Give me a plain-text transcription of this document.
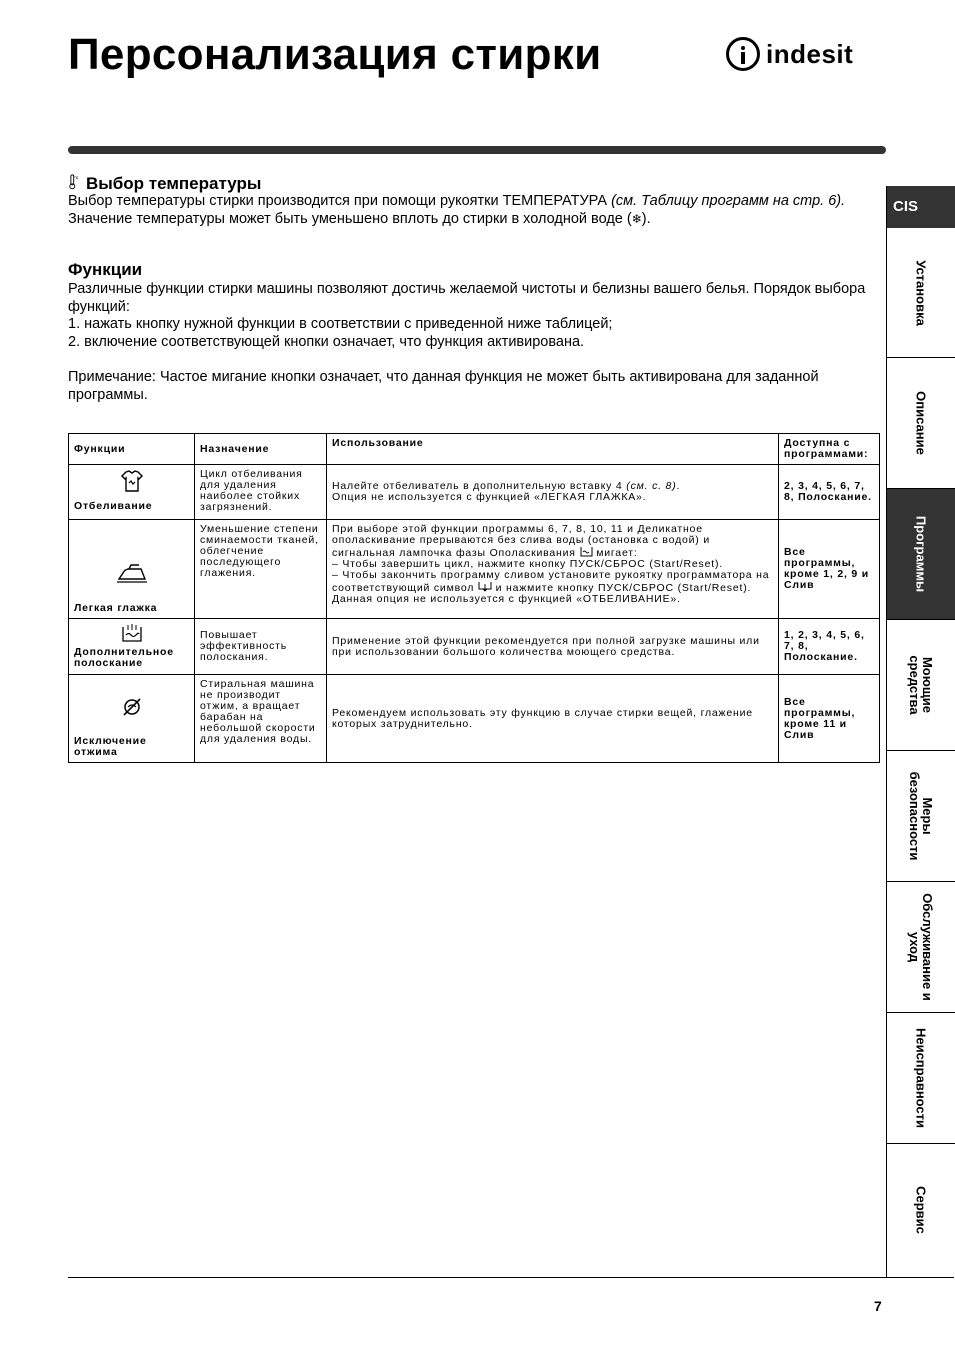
Персонализация стирки	indesit
°C Выбор температуры

Выбор температуры стирки производится при помощи рукоятки ТЕМПЕРАТУРА (см. Таблицу программ на стр. 6).
Значение температуры может быть уменьшено вплоть до стирки в холодной воде (❄).

Функции

Различные функции стирки машины позволяют достичь желаемой чистоты и белизны вашего белья. Порядок выбора функций:

1. нажать кнопку нужной функции в соответствии с приведенной ниже таблицей;

2. включение соответствующей кнопки означает, что функция активирована.

Примечание: Частое мигание кнопки означает, что данная функция не может быть активирована для заданной программы.

Функции	Назначение	Использование	Доступна с программами:

Отбеливание	Цикл отбеливания для удаления наиболее стойких загрязнений.	Налейте отбеливатель в дополнительную вставку 4 (см. с. 8).
Опция не используется с функцией «ЛЕГКАЯ ГЛАЖКА».	2, 3, 4, 5, 6, 7, 8, Полоскание.

Легкая глажка	Уменьшение степени сминаемости тканей, облегчение последующего глажения.	При выборе этой функции программы 6, 7, 8, 10, 11 и Деликатное ополаскивание прерываются без слива воды (остановка с водой) и сигнальная лампочка фазы Ополаскивания мигает:
– Чтобы завершить цикл, нажмите кнопку ПУСК/СБРОС (Start/Reset).
– Чтобы закончить программу сливом установите рукоятку программатора на соответствующий символ и нажмите кнопку ПУСК/СБРОС (Start/Reset).
Данная опция не используется с функцией «ОТБЕЛИВАНИЕ».	Все программы, кроме 1, 2, 9 и Слив

Дополнительное полоскание	Повышает эффективность полоскания.	Применение этой функции рекомендуется при полной загрузке машины или при использовании большого количества моющего средства.	1, 2, 3, 4, 5, 6, 7, 8, Полоскание.

Исключение отжима	Стиральная машина не производит отжим, а вращает барабан на небольшой скорости для удаления воды.	Рекомендуем использовать эту функцию в случае стирки вещей, глажение которых затруднительно.	Все программы, кроме 11 и Слив
CIS
Установка
Описание
Программы
Моющие средства
Меры безопасности
Обслуживание и уход
Неисправности
Сервис
7
